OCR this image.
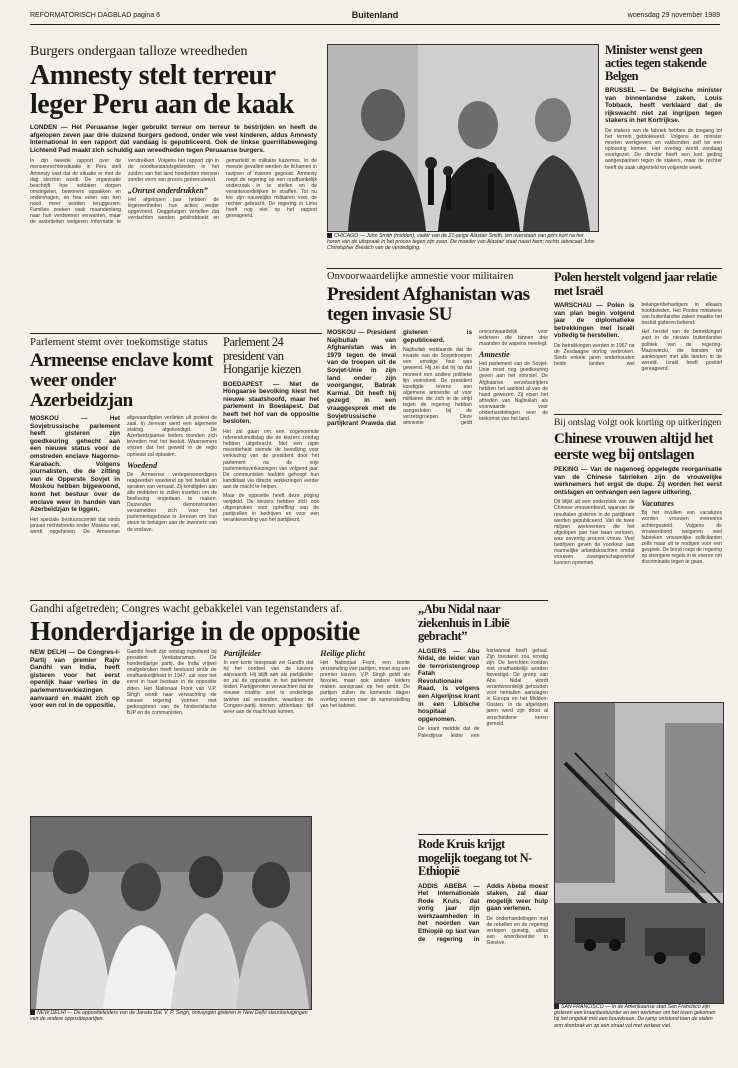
REFORMATORISCH DAGBLAD pagina 6	Buitenland	woensdag 29 november 1989
Burgers ondergaan talloze wreedheden
Amnesty stelt terreur
leger Peru aan de kaak

LONDEN — Het Peruaanse leger gebruikt terreur om terreur te bestrijden en heeft de afgelopen zeven jaar drie duizend burgers gedood, onder wie veel kinderen, aldus Amnesty International in een rapport dat vandaag is gepubliceerd. Ook de linkse guerrillabeweging Lichtend Pad maakt zich schuldig aan wreedheden tegen Peruaanse burgers.

In zijn tweede rapport over de mensenrechtensituatie in Peru stelt Amnesty vast dat de situatie er met de dag slechter wordt. De organisatie beschrijft hoe soldaten dorpen omsingelen, bewoners oppakken en ondervragen, en hoe velen van hen nooit meer worden teruggezien. Families zoeken vaak maandenlang naar hun verdwenen verwanten, maar de autoriteiten weigeren informatie te verstrekken. Volgens het rapport zijn in de noodtoestandsgebieden in het zuiden van het land honderden mensen zonder vorm van proces geëxecuteerd.

„Onrust onderdrukken”

Het afgelopen jaar hebben de legereenheden hun acties verder opgevoerd. Ooggetuigen vertellen dat verdachten werden geblinddoekt en gemarteld in militaire kazernes. In de meeste gevallen werden de lichamen in ravijnen of rivieren gegooid. Amnesty roept de regering op een onafhankelijk onderzoek in te stellen en de verantwoordelijken te straffen. Tot nu toe zijn nauwelijks militairen voor de rechter gebracht. De regering in Lima heeft nog niet op het rapport gereageerd.

CHICAGO — John Smith (midden), vader van de 21-jarige Alastair Smith, ten overstaan van pers kort na het horen van de uitspraak in het proces tegen zijn zoon. De moeder van Alastair staat naast hem; rechts advocaat John Christopher Breslich van de verdediging.

Minister wenst geen acties tegen stakende Belgen

BRUSSEL — De Belgische minister van binnenlandse zaken, Louis Tobback, heeft verklaard dat de rijkswacht niet zal ingrijpen tegen stakers in het Kortrijkse.

De stakers van de fabriek hebben de toegang tot het terrein geblokkeerd. Volgens de minister moeten werkgevers en vakbonden zelf tot een oplossing komen. Het overleg wordt vandaag voortgezet. De directie heeft een kort geding aangespannen tegen de stakers, maar de rechter heeft de zaak uitgesteld tot volgende week.

Parlement stemt over toekomstige status
Armeense enclave komt
weer onder Azerbeidzjan

MOSKOU — Het Sovjetrussische parlement heeft gisteren zijn goedkeuring gehecht aan een nieuwe status voor de omstreden enclave Nagorno-Karabach. Volgens journalisten, die de zitting van de Opperste Sovjet in Moskou hebben bijgewoond, komt het bestuur over de enclave weer in handen van Azerbeidzjan te liggen.

Het speciale bestuurscomité dat sinds januari rechtstreeks onder Moskou viel, wordt opgeheven. De Armeense afgevaardigden verlieten uit protest de zaal. In Jerevan werd een algemene staking afgekondigd. De Azerbeidzjaanse leiders toonden zich tevreden met het besluit. Waarnemers vrezen dat het geweld in de regio opnieuw zal oplaaien.

Woedend

De Armeense vertegenwoordigers reageerden woedend op het besluit en spraken van verraad. Zij kondigden aan alle middelen te zullen inzetten om de beslissing ongedaan te maken. Duizenden demonstranten verzamelden zich voor het parlementsgebouw in Jerevan om hun steun te betuigen aan de inwoners van de enclave.

Parlement 24 president van Hongarije kiezen

BOEDAPEST — Niet de Hongaarse bevolking kiest het nieuwe staatshoofd, maar het parlement in Boedapest. Dat heeft het hof van de oppositie besloten.

Het zal gaan om een zogenoemde referendumuitslag die de kiezers zondag hebben uitgebracht. Met een nipte meerderheid stemde de bevolking voor verkiezing van de president door het parlement na de vrije parlementsverkiezingen van volgend jaar. De communisten hadden gehoopt hun kandidaat via directe verkiezingen eerder aan de macht te helpen.

Maar de oppositie heeft deze poging verijdeld. De kiezers hebben zich ook uitgesproken voor opheffing van de partijcellen in bedrijven en voor een verantwoording van het partijbezit.

Onvoorwaardelijke amnestie voor militairen
President Afghanistan was tegen invasie SU

MOSKOU — President Najibullah van Afghanistan was in 1979 tegen de inval van de troepen uit de Sovjet-Unie in zijn land onder zijn voorganger, Babrak Karmal. Dit heeft hij gezegd in een vraaggesprek met de Sovjetrussische partijkrant Prawda dat gisteren is gepubliceerd.

Najibullah verklaarde dat de invasie van de Sovjettroepen een ernstige fout was geweest. Hij zei dat hij op dat moment een andere politieke lijn voorstond. De president kondigde tevens een algemene amnestie af voor militairen die zich in de strijd tegen de regering hebben aangesloten bij de verzetsgroepen. Deze amnestie geldt onvoorwaardelijk voor iedereen die binnen drie maanden de wapens neerlegt.

Amnestie

Het parlement van de Sovjet-Unie moet nog goedkeuring geven aan het voorstel. De Afghaanse verzetsstrijders hebben het aanbod al van de hand gewezen. Zij eisen het aftreden van Najibullah als voorwaarde voor onderhandelingen over de toekomst van het land.

Polen herstelt volgend jaar relatie met Israël

WARSCHAU — Polen is van plan begin volgend jaar de diplomatieke betrekkingen met Israël volledig te herstellen.

De betrekkingen werden in 1967 na de Zesdaagse oorlog verbroken. Sinds enkele jaren onderhouden beide landen wel belangenbehartigers in elkaars hoofdsteden. Het Poolse ministerie van buitenlandse zaken maakte het besluit gisteren bekend.

Het herstel van de betrekkingen past in de nieuwe buitenlandse politiek van de regering-Mazowiecki, die banden wil aanknopen met alle landen in de wereld. Israël heeft positief gereageerd.

Bij ontslag volgt ook korting op uitkeringen
Chinese vrouwen altijd het eerste weg bij ontslagen

PEKING — Van de nagenoeg opgelegde reorganisatie van de Chinese fabrieken zijn de vrouwelijke werknemers het ergst de dupe. Zij worden het eerst ontslagen en ontvangen een lagere uitkering.

Dit blijkt uit een onderzoek van de Chinese vrouwenbond, waarvan de resultaten gisteren in de partijkrant werden gepubliceerd. Van de twee miljoen werknemers die het afgelopen jaar hun baan verloren, was zeventig procent vrouw. Veel bedrijven geven de voorkeur aan mannelijke arbeidskrachten omdat vrouwen zwangerschapsverlof kunnen opnemen.

Vacatures

Bij het invullen van vacatures worden vrouwen eveneens achtergesteld. Volgens de vrouwenbond weigeren veel fabrieken vrouwelijke sollicitanten zelfs maar uit te nodigen voor een gesprek. De bond roept de regering op strengere regels in te voeren om discriminatie tegen te gaan.

Gandhi afgetreden; Congres wacht gebakkelei van tegenstanders af.
Honderdjarige in de oppositie

NEW DELHI — De Congres-I-Partij van premier Rajiv Gandhi van India, heeft gisteren voor het eerst openlijk haar verlies in de parlementsverkiezingen aanvaard en maakt zich op voor een rol in de oppositie.

Gandhi heeft zijn ontslag ingediend bij president Venkataraman. De honderdjarige partij, die India vrijwel onafgebroken heeft bestuurd sinds de onafhankelijkheid in 1947, zal voor het eerst in haar bestaan in de oppositie zitten. Het Nationaal Front van V.P. Singh wordt naar verwachting de nieuwe regering vormen met gedoogsteun van de hindoeïstische BJP en de communisten.

Partijleider

In een korte toespraak zei Gandhi dat hij het oordeel van de kiezers aanvaardt. Hij blijft aan als partijleider en zal de oppositie in het parlement leiden. Partijgenoten verwachten dat de nieuwe coalitie snel in onderlinge twisten zal verzanden, waardoor de Congres-partij binnen afzienbare tijd weer aan de macht kan komen.

Heilige plicht

Het Nationaal Front, een bonte verzameling van partijen, moet nog een premier kiezen. V.P. Singh geldt als favoriet, maar ook andere leiders maken aanspraak op het ambt. De partijen zullen de komende dagen overleg voeren over de samenstelling van het kabinet.

NEW DELHI — De oppositieleiders van de Janata Dal, V. P. Singh, ontvangen gisteren in New Delhi steunbetuigingen van de andere oppositiepartijen.

„Abu Nidal naar ziekenhuis in Libië gebracht”

ALGIERS — Abu Nidal, de leider van de terroristengroep Fatah Revolutionaire Raad, is volgens een Algerijnse krant in een Libische hospitaal opgenomen.

De krant meldde dat de Palestijnse leider een hartaanval heeft gehad. Zijn toestand zou ernstig zijn. De berichten konden niet onafhankelijk worden bevestigd. De groep van Abu Nidal wordt verantwoordelijk gehouden voor tientallen aanslagen in Europa en het Midden-Oosten. In de afgelopen jaren werd zijn dood al verscheidene keren gemeld.

Rode Kruis krijgt mogelijk toegang tot N-Ethiopië

ADDIS ABEBA — Het Internationale Rode Kruis, dat vorig jaar zijn werkzaamheden in het noorden van Ethiopië op last van de regering in Addis Abeba moest staken, zal daar mogelijk weer hulp gaan verlenen.

De onderhandelingen met de rebellen en de regering verlopen gunstig, aldus een woordvoerder in Genève.

SAN FRANCISCO — In de Amerikaanse stad San Francisco zijn gisteren een kraanbestuurder en een werkman om het leven gekomen bij het ongeluk met een bouwkraan. De ramp ontstond toen de stalen arm doorbrak en op een straat vol met verkeer viel.
